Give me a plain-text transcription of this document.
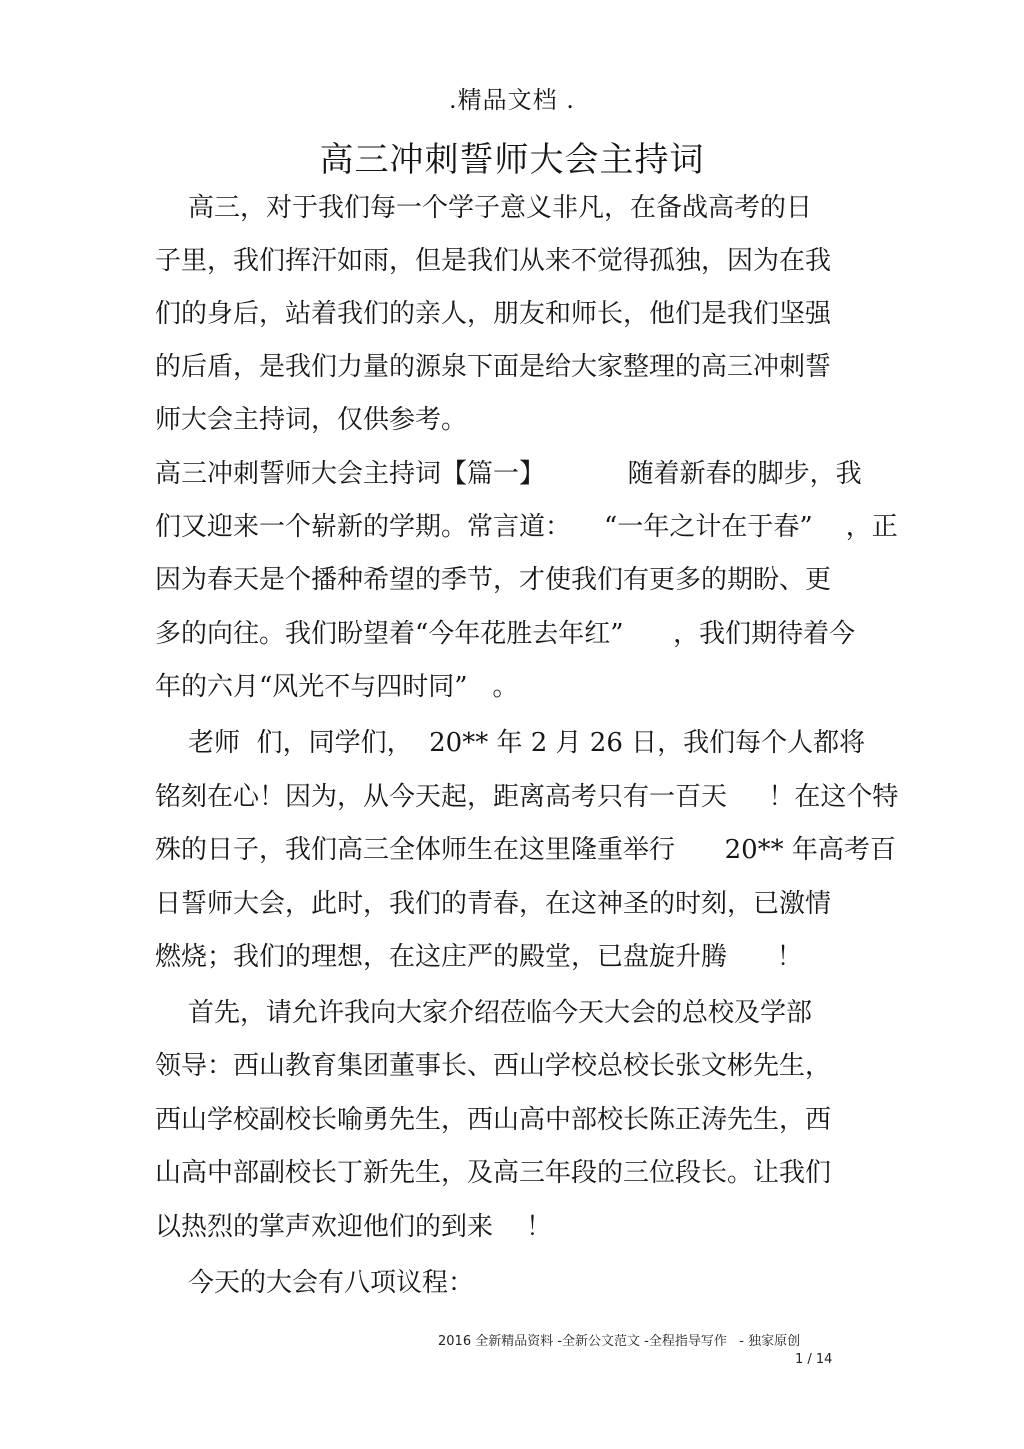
.精品文档 .
高三冲刺誓师大会主持词
高三，对于我们每一个学子意义非凡，在备战高考的日
子里，我们挥汗如雨，但是我们从来不觉得孤独，因为在我
们的身后，站着我们的亲人，朋友和师长，他们是我们坚强
的后盾，是我们力量的源泉下面是给大家整理的高三冲刺誓
师大会主持词，仅供参考。
高三冲刺誓师大会主持词【篇一】          随着新春的脚步，我
们又迎来一个崭新的学期。常言道：    “一年之计在于春”    ，正
因为春天是个播种希望的季节，才使我们有更多的期盼、更
多的向往。我们盼望着“今年花胜去年红”      ，我们期待着今
年的六月“风光不与四时同”   。
老师  们，同学们，  20** 年 2 月 26 日，我们每个人都将
铭刻在心！因为，从今天起，距离高考只有一百天     ！在这个特
殊的日子，我们高三全体师生在这里隆重举行      20** 年高考百
日誓师大会，此时，我们的青春，在这神圣的时刻，已激情
燃烧；我们的理想，在这庄严的殿堂，已盘旋升腾      ！
首先，请允许我向大家介绍莅临今天大会的总校及学部
领导：西山教育集团董事长、西山学校总校长张文彬先生，
西山学校副校长喻勇先生，西山高中部校长陈正涛先生，西
山高中部副校长丁新先生，及高三年段的三位段长。让我们
以热烈的掌声欢迎他们的到来    ！
今天的大会有八项议程：
2016 全新精品资料 -全新公文范文 -全程指导写作   - 独家原创
1 / 14
